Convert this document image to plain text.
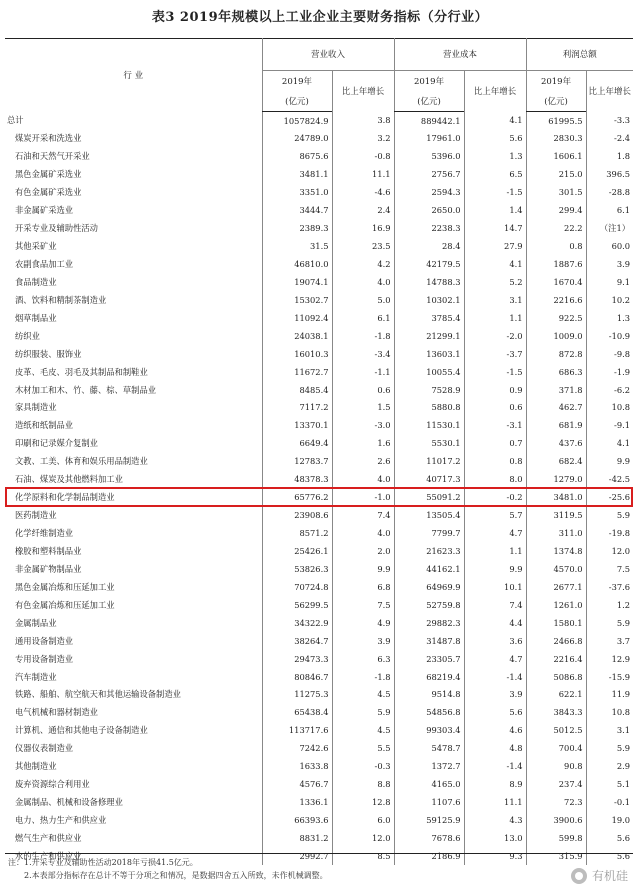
表3 2019年规模以上工业企业主要财务指标（分行业）
行 业	营业收入		营业成本		利润总额	
	2019年	比上年增长	2019年	比上年增长	2019年	比上年增长
	(亿元)		(亿元)		(亿元)	
总计	1057824.9	3.8	889442.1	4.1	61995.5	-3.3
煤炭开采和洗选业	24789.0	3.2	17961.0	5.6	2830.3	-2.4
石油和天然气开采业	8675.6	-0.8	5396.0	1.3	1606.1	1.8
黑色金属矿采选业	3481.1	11.1	2756.7	6.5	215.0	396.5
有色金属矿采选业	3351.0	-4.6	2594.3	-1.5	301.5	-28.8
非金属矿采选业	3444.7	2.4	2650.0	1.4	299.4	6.1
开采专业及辅助性活动	2389.3	16.9	2238.3	14.7	22.2	（注1）
其他采矿业	31.5	23.5	28.4	27.9	0.8	60.0
农副食品加工业	46810.0	4.2	42179.5	4.1	1887.6	3.9
食品制造业	19074.1	4.0	14788.3	5.2	1670.4	9.1
酒、饮料和精制茶制造业	15302.7	5.0	10302.1	3.1	2216.6	10.2
烟草制品业	11092.4	6.1	3785.4	1.1	922.5	1.3
纺织业	24038.1	-1.8	21299.1	-2.0	1009.0	-10.9
纺织服装、服饰业	16010.3	-3.4	13603.1	-3.7	872.8	-9.8
皮革、毛皮、羽毛及其制品和制鞋业	11672.7	-1.1	10055.4	-1.5	686.3	-1.9
木材加工和木、竹、藤、棕、草制品业	8485.4	0.6	7528.9	0.9	371.8	-6.2
家具制造业	7117.2	1.5	5880.8	0.6	462.7	10.8
造纸和纸制品业	13370.1	-3.0	11530.1	-3.1	681.9	-9.1
印刷和记录媒介复制业	6649.4	1.6	5530.1	0.7	437.6	4.1
文教、工美、体育和娱乐用品制造业	12783.7	2.6	11017.2	0.8	682.4	9.9
石油、煤炭及其他燃料加工业	48378.3	4.0	40717.3	8.0	1279.0	-42.5
化学原料和化学制品制造业	65776.2	-1.0	55091.2	-0.2	3481.0	-25.6
医药制造业	23908.6	7.4	13505.4	5.7	3119.5	5.9
化学纤维制造业	8571.2	4.0	7799.7	4.7	311.0	-19.8
橡胶和塑料制品业	25426.1	2.0	21623.3	1.1	1374.8	12.0
非金属矿物制品业	53826.3	9.9	44162.1	9.9	4570.0	7.5
黑色金属冶炼和压延加工业	70724.8	6.8	64969.9	10.1	2677.1	-37.6
有色金属冶炼和压延加工业	56299.5	7.5	52759.8	7.4	1261.0	1.2
金属制品业	34322.9	4.9	29882.3	4.4	1580.1	5.9
通用设备制造业	38264.7	3.9	31487.8	3.6	2466.8	3.7
专用设备制造业	29473.3	6.3	23305.7	4.7	2216.4	12.9
汽车制造业	80846.7	-1.8	68219.4	-1.4	5086.8	-15.9
铁路、船舶、航空航天和其他运输设备制造业	11275.3	4.5	9514.8	3.9	622.1	11.9
电气机械和器材制造业	65438.4	5.9	54856.8	5.6	3843.3	10.8
计算机、通信和其他电子设备制造业	113717.6	4.5	99303.4	4.6	5012.5	3.1
仪器仪表制造业	7242.6	5.5	5478.7	4.8	700.4	5.9
其他制造业	1633.8	-0.3	1372.7	-1.4	90.8	2.9
废弃资源综合利用业	4576.7	8.8	4165.0	8.9	237.4	5.1
金属制品、机械和设备修理业	1336.1	12.8	1107.6	11.1	72.3	-0.1
电力、热力生产和供应业	66393.6	6.0	59125.9	4.3	3900.6	19.0
燃气生产和供应业	8831.2	12.0	7678.6	13.0	599.8	5.6
水的生产和供应业	2992.7	8.5	2186.9	9.3	315.9	5.6
注：1.开采专业及辅助性活动2018年亏损41.5亿元。
　　2.本表部分指标存在总计不等于分项之和情况，是数据四舍五入所致，未作机械调整。	有机硅
